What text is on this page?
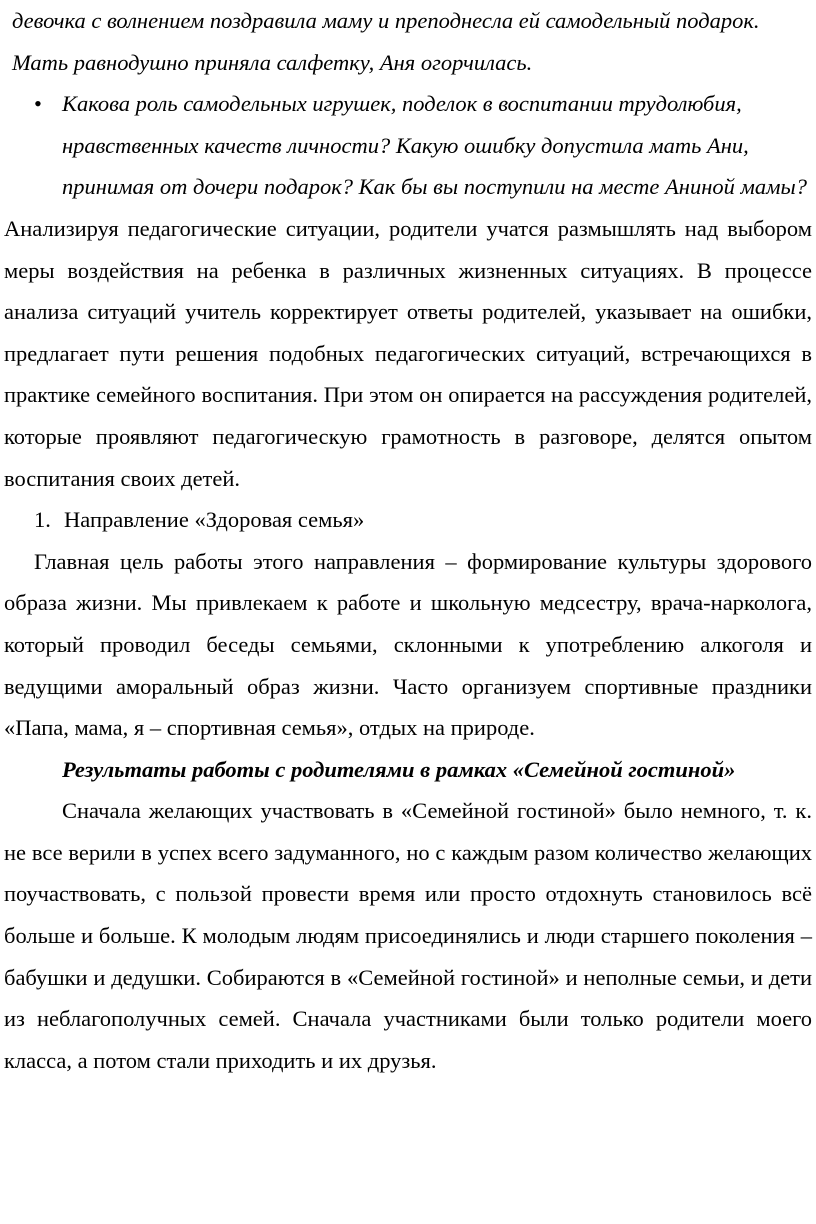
девочка с волнением поздравила маму и преподнесла ей самодельный подарок.

Мать равнодушно приняла салфетку, Аня огорчилась.

• Какова роль самодельных игрушек, поделок в воспитании трудолюбия, нравственных качеств личности? Какую ошибку допустила мать Ани, принимая от дочери подарок? Как бы вы поступили на месте Аниной мамы?

Анализируя педагогические ситуации, родители учатся размышлять над выбором меры воздействия на ребенка в различных жизненных ситуациях. В процессе анализа ситуаций учитель корректирует ответы родителей, указывает на ошибки, предлагает пути решения подобных педагогических ситуаций, встречающихся в практике семейного воспитания. При этом он опирается на рассуждения родителей, которые проявляют педагогическую грамотность в разговоре, делятся опытом воспитания своих детей.

1. Направление «Здоровая семья»

Главная цель работы этого направления – формирование культуры здорового образа жизни. Мы привлекаем к работе и школьную медсестру, врача-нарколога, который проводил беседы семьями, склонными к употреблению алкоголя и ведущими аморальный образ жизни. Часто организуем спортивные праздники «Папа, мама, я – спортивная семья», отдых на природе.

Результаты работы с родителями в рамках «Семейной гостиной»

Сначала желающих участвовать в «Семейной гостиной» было немного, т. к. не все верили в успех всего задуманного, но с каждым разом количество желающих поучаствовать, с пользой провести время или просто отдохнуть становилось всё больше и больше. К молодым людям присоединялись и люди старшего поколения – бабушки и дедушки. Собираются в «Семейной гостиной» и неполные семьи, и дети из неблагополучных семей. Сначала участниками были только родители моего класса, а потом стали приходить и их друзья.
